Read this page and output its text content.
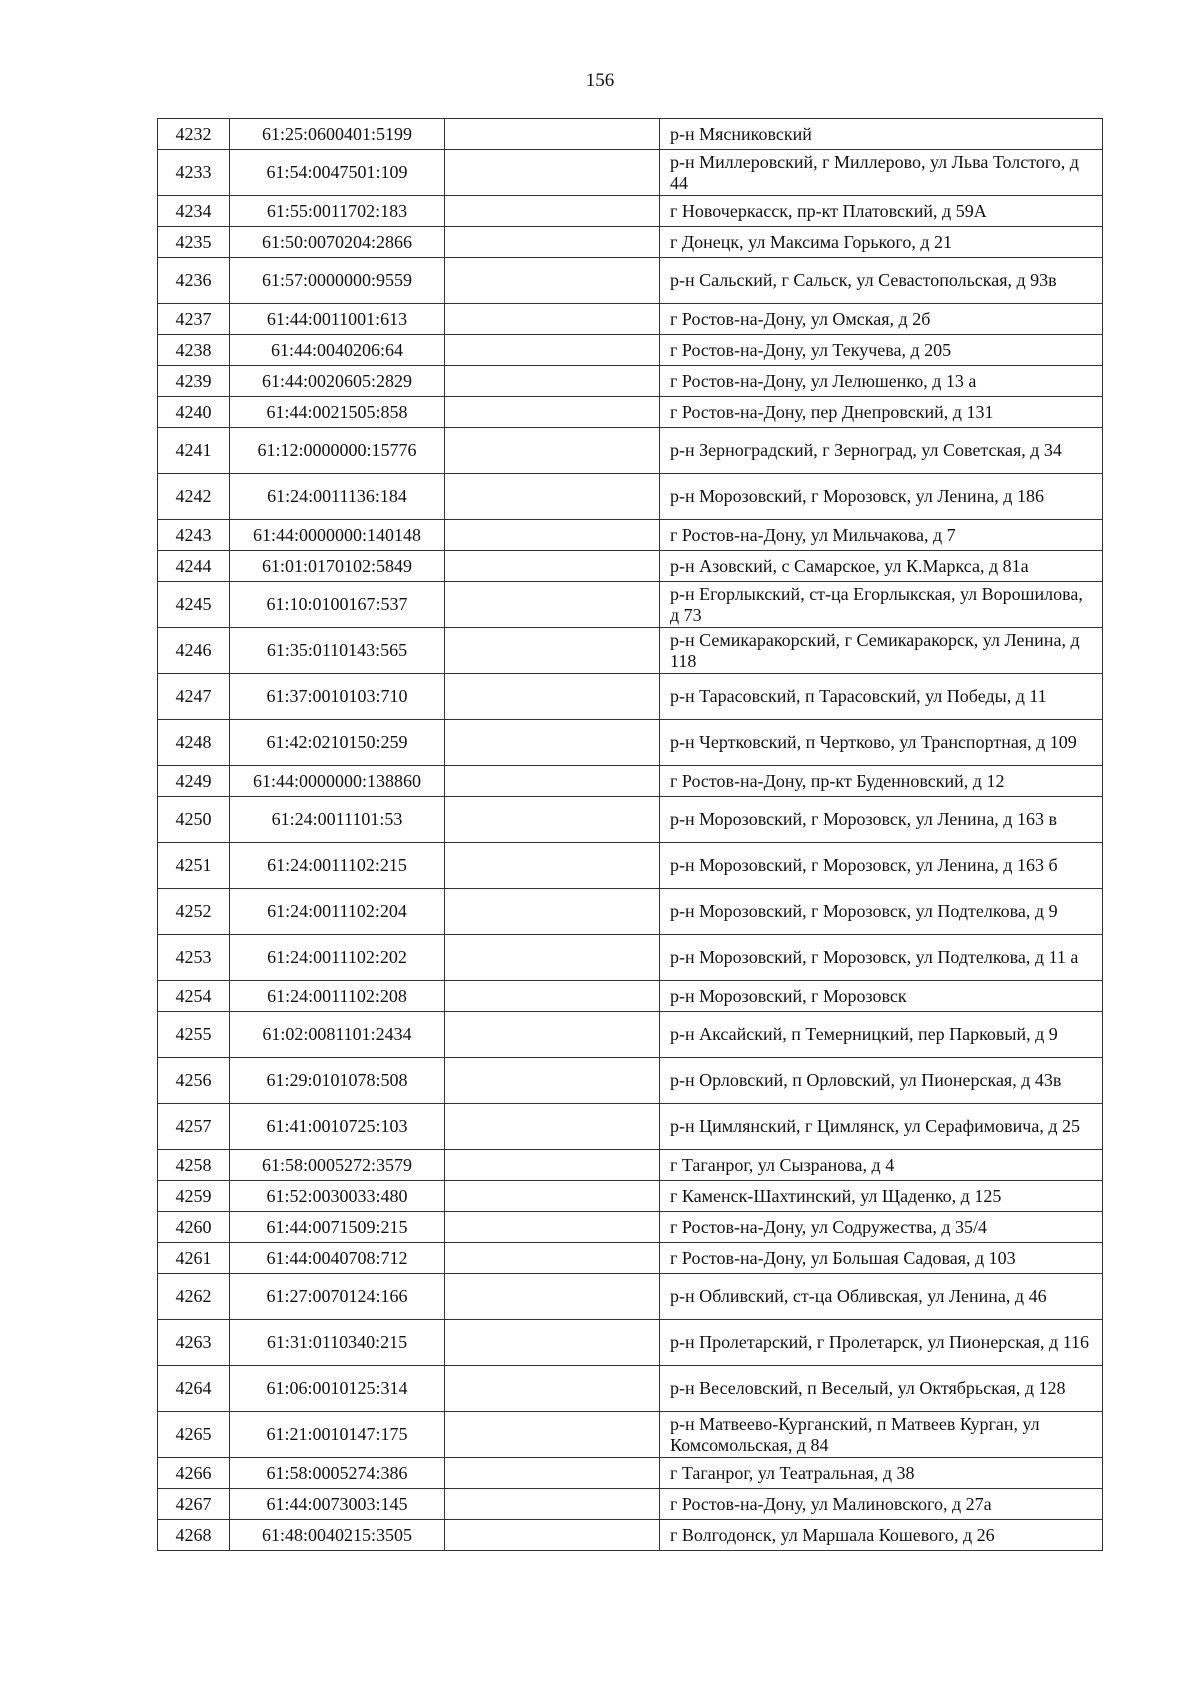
156
4232	61:25:0600401:5199		р-н Мясниковский
4233	61:54:0047501:109		р-н Миллеровский, г Миллерово, ул Льва Толстого, д 44
4234	61:55:0011702:183		г Новочеркасск, пр-кт Платовский, д 59А
4235	61:50:0070204:2866		г Донецк, ул Максима Горького, д 21
4236	61:57:0000000:9559		р-н Сальский, г Сальск, ул Севастопольская, д 93в
4237	61:44:0011001:613		г Ростов-на-Дону, ул Омская, д 2б
4238	61:44:0040206:64		г Ростов-на-Дону, ул Текучева, д 205
4239	61:44:0020605:2829		г Ростов-на-Дону, ул Лелюшенко, д 13 а
4240	61:44:0021505:858		г Ростов-на-Дону, пер Днепровский, д 131
4241	61:12:0000000:15776		р-н Зерноградский, г Зерноград, ул Советская, д 34
4242	61:24:0011136:184		р-н Морозовский, г Морозовск, ул Ленина, д 186
4243	61:44:0000000:140148		г Ростов-на-Дону, ул Мильчакова, д 7
4244	61:01:0170102:5849		р-н Азовский, с Самарское, ул К.Маркса, д 81а
4245	61:10:0100167:537		р-н Егорлыкский, ст-ца Егорлыкская, ул Ворошилова, д 73
4246	61:35:0110143:565		р-н Семикаракорский, г Семикаракорск, ул Ленина, д 118
4247	61:37:0010103:710		р-н Тарасовский, п Тарасовский, ул Победы, д 11
4248	61:42:0210150:259		р-н Чертковский, п Чертково, ул Транспортная, д 109
4249	61:44:0000000:138860		г Ростов-на-Дону, пр-кт Буденновский, д 12
4250	61:24:0011101:53		р-н Морозовский, г Морозовск, ул Ленина, д 163 в
4251	61:24:0011102:215		р-н Морозовский, г Морозовск, ул Ленина, д 163 б
4252	61:24:0011102:204		р-н Морозовский, г Морозовск, ул Подтелкова, д 9
4253	61:24:0011102:202		р-н Морозовский, г Морозовск, ул Подтелкова, д 11 а
4254	61:24:0011102:208		р-н Морозовский, г Морозовск
4255	61:02:0081101:2434		р-н Аксайский, п Темерницкий, пер Парковый, д 9
4256	61:29:0101078:508		р-н Орловский, п Орловский, ул Пионерская, д 43в
4257	61:41:0010725:103		р-н Цимлянский, г Цимлянск, ул Серафимовича, д 25
4258	61:58:0005272:3579		г Таганрог, ул Сызранова, д 4
4259	61:52:0030033:480		г Каменск-Шахтинский, ул Щаденко, д 125
4260	61:44:0071509:215		г Ростов-на-Дону, ул Содружества, д 35/4
4261	61:44:0040708:712		г Ростов-на-Дону, ул Большая Садовая, д 103
4262	61:27:0070124:166		р-н Обливский, ст-ца Обливская, ул Ленина, д 46
4263	61:31:0110340:215		р-н Пролетарский, г Пролетарск, ул Пионерская, д 116
4264	61:06:0010125:314		р-н Веселовский, п Веселый, ул Октябрьская, д 128
4265	61:21:0010147:175		р-н Матвеево-Курганский, п Матвеев Курган, ул Комсомольская, д 84
4266	61:58:0005274:386		г Таганрог, ул Театральная, д 38
4267	61:44:0073003:145		г Ростов-на-Дону, ул Малиновского, д 27а
4268	61:48:0040215:3505		г Волгодонск, ул Маршала Кошевого, д 26
